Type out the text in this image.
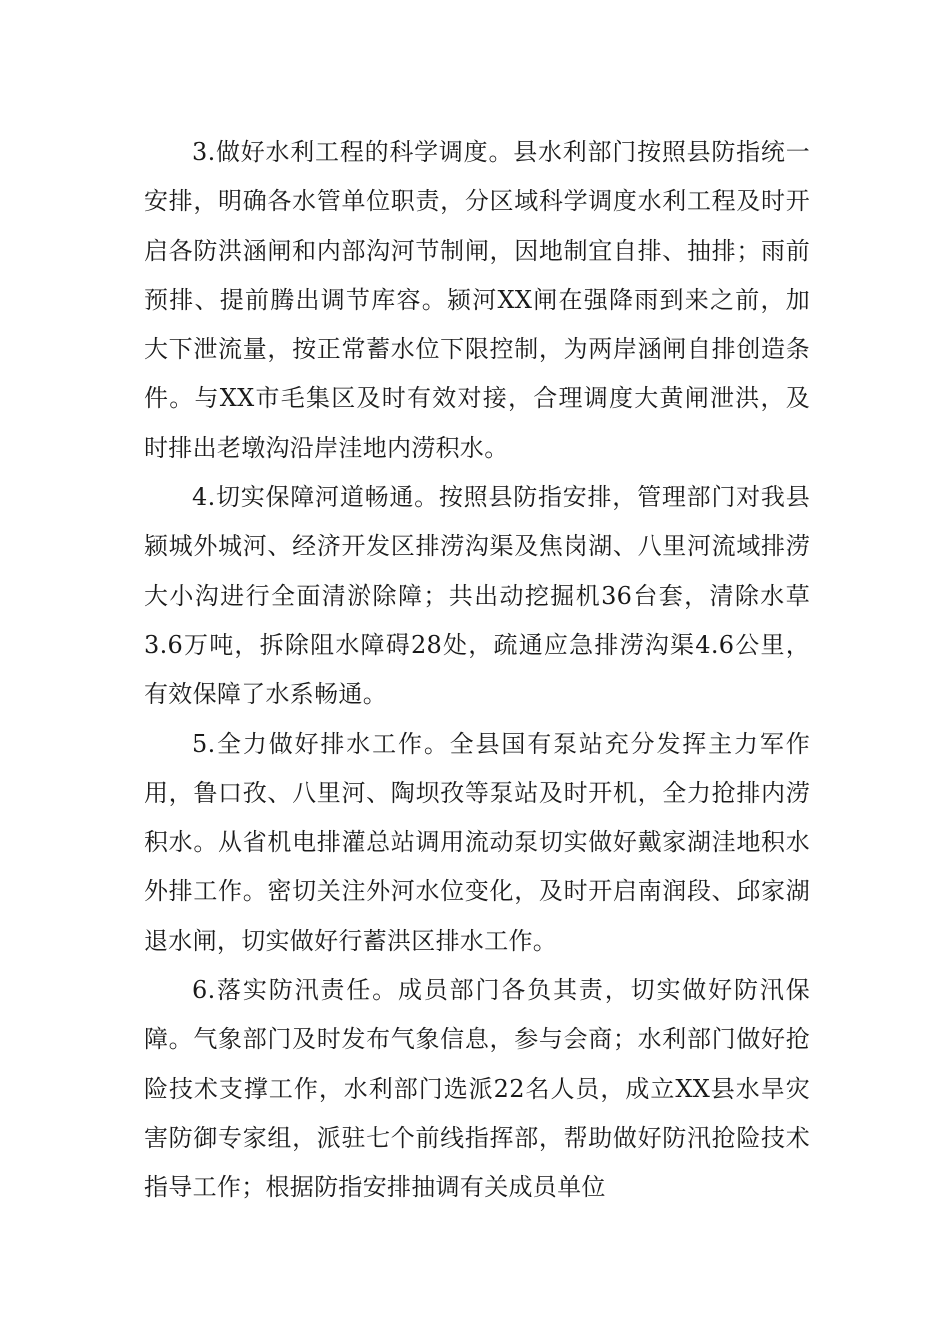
3.做好水利工程的科学调度。县水利部门按照县防指统一安排，明确各水管单位职责，分区域科学调度水利工程及时开启各防洪涵闸和内部沟河节制闸，因地制宜自排、抽排；雨前预排、提前腾出调节库容。颍河XX闸在强降雨到来之前，加大下泄流量，按正常蓄水位下限控制，为两岸涵闸自排创造条件。与XX市毛集区及时有效对接，合理调度大黄闸泄洪，及时排出老墩沟沿岸洼地内涝积水。

4.切实保障河道畅通。按照县防指安排，管理部门对我县颍城外城河、经济开发区排涝沟渠及焦岗湖、八里河流域排涝大小沟进行全面清淤除障；共出动挖掘机36台套，清除水草3.6万吨，拆除阻水障碍28处，疏通应急排涝沟渠4.6公里，有效保障了水系畅通。

5.全力做好排水工作。全县国有泵站充分发挥主力军作用，鲁口孜、八里河、陶坝孜等泵站及时开机，全力抢排内涝积水。从省机电排灌总站调用流动泵切实做好戴家湖洼地积水外排工作。密切关注外河水位变化，及时开启南润段、邱家湖退水闸，切实做好行蓄洪区排水工作。

6.落实防汛责任。成员部门各负其责，切实做好防汛保障。气象部门及时发布气象信息，参与会商；水利部门做好抢险技术支撑工作，水利部门选派22名人员，成立XX县水旱灾害防御专家组，派驻七个前线指挥部，帮助做好防汛抢险技术指导工作；根据防指安排抽调有关成员单位
